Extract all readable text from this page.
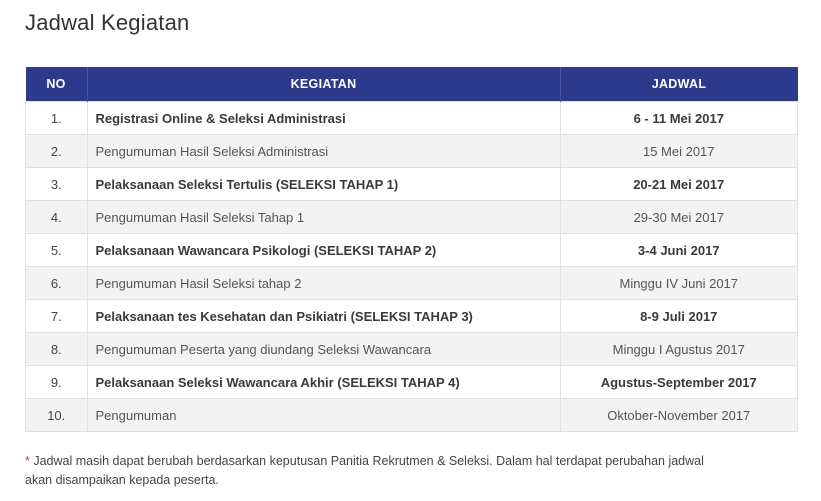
Jadwal Kegiatan
NO	KEGIATAN	JADWAL
1.	Registrasi Online & Seleksi Administrasi	6 - 11 Mei 2017
2.	Pengumuman Hasil Seleksi Administrasi	15 Mei 2017
3.	Pelaksanaan Seleksi Tertulis (SELEKSI TAHAP 1)	20-21 Mei 2017
4.	Pengumuman Hasil Seleksi Tahap 1	29-30 Mei 2017
5.	Pelaksanaan Wawancara Psikologi (SELEKSI TAHAP 2)	3-4 Juni 2017
6.	Pengumuman Hasil Seleksi tahap 2	Minggu IV Juni 2017
7.	Pelaksanaan tes Kesehatan dan Psikiatri (SELEKSI TAHAP 3)	8-9 Juli 2017
8.	Pengumuman Peserta yang diundang Seleksi Wawancara	Minggu I Agustus 2017
9.	Pelaksanaan Seleksi Wawancara Akhir (SELEKSI TAHAP 4)	Agustus-September 2017
10.	Pengumuman	Oktober-November 2017

* Jadwal masih dapat berubah berdasarkan keputusan Panitia Rekrutmen & Seleksi. Dalam hal terdapat perubahan jadwal akan disampaikan kepada peserta.
